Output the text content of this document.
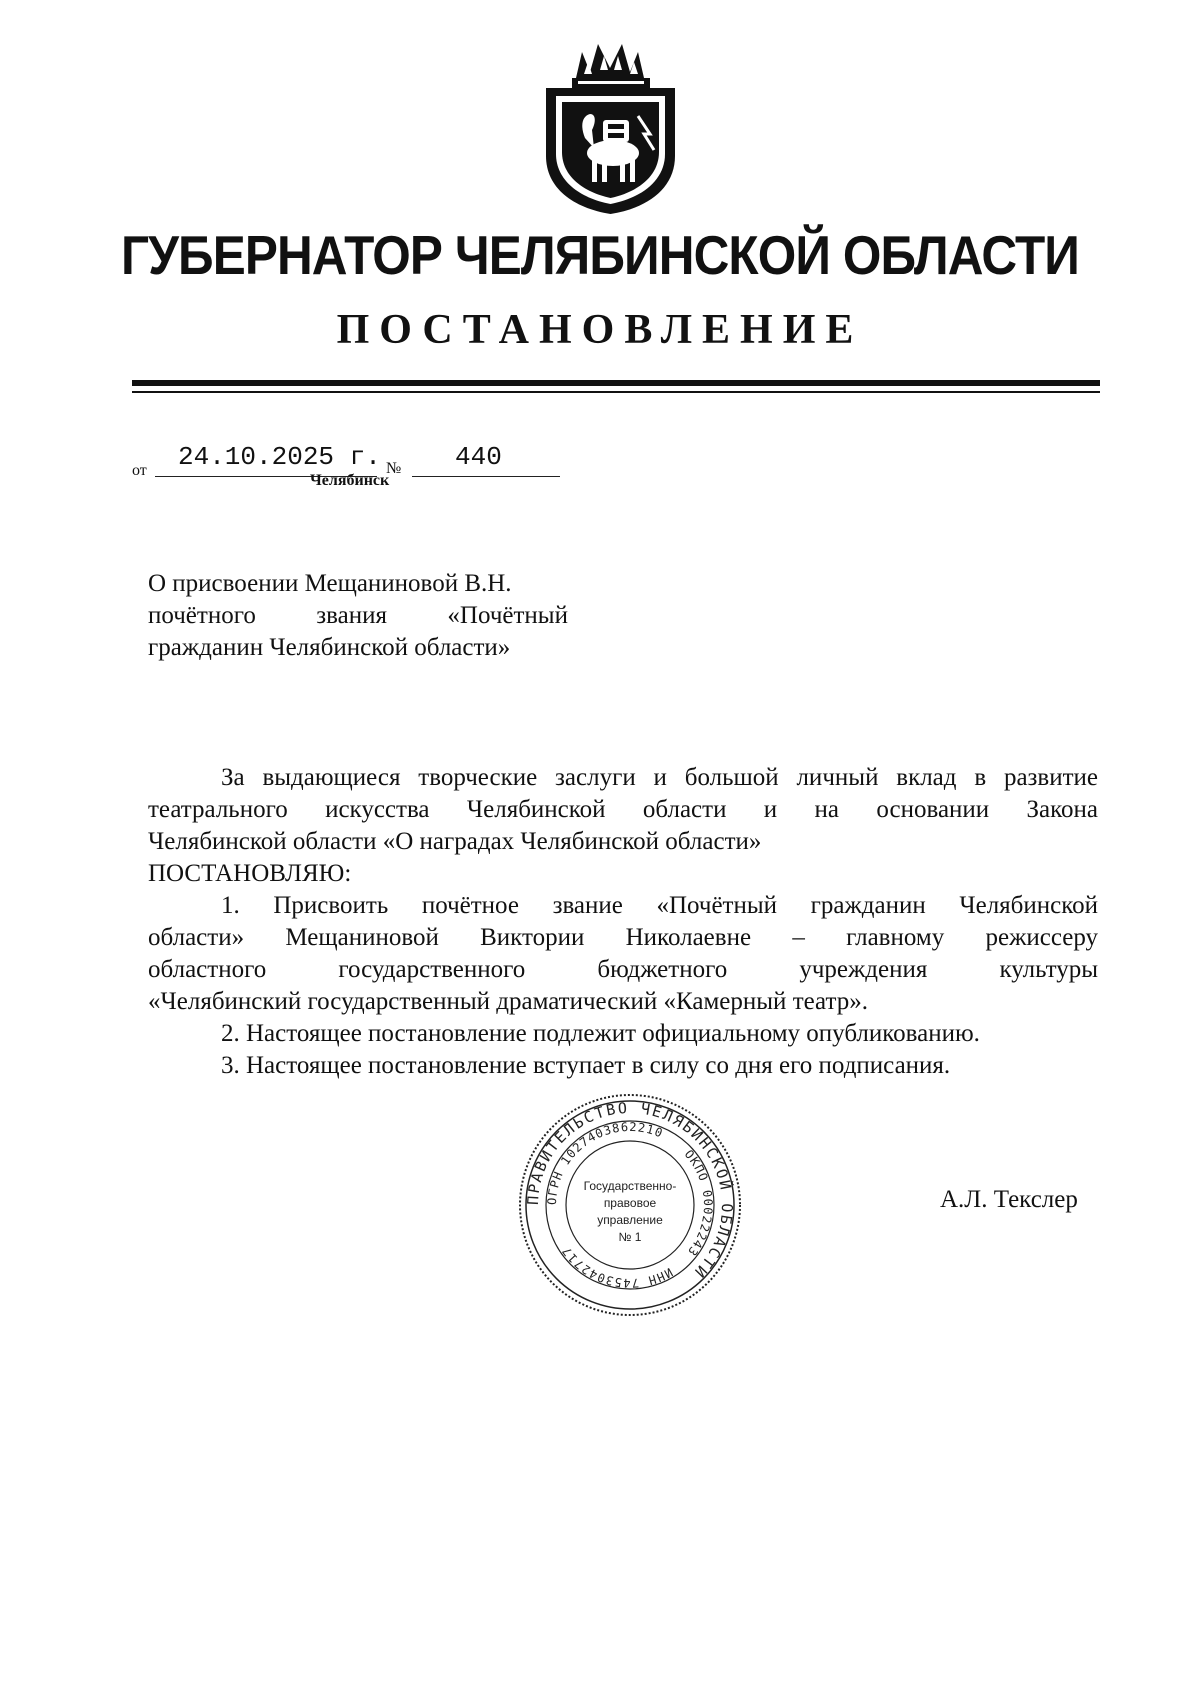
ГУБЕРНАТОР ЧЕЛЯБИНСКОЙ ОБЛАСТИ
ПОСТАНОВЛЕНИЕ
от 24.10.2025 г. № 440
Челябинск
О присвоении Мещаниновой В.Н.
почётного звания «Почётный
гражданин Челябинской области»
За выдающиеся творческие заслуги и большой личный вклад в развитие
театрального искусства Челябинской области и на основании Закона
Челябинской области «О наградах Челябинской области»
ПОСТАНОВЛЯЮ:
1. Присвоить почётное звание «Почётный гражданин Челябинской
области» Мещаниновой Виктории Николаевне – главному режиссеру
областного государственного бюджетного учреждения культуры
«Челябинский государственный драматический «Камерный театр».
2. Настоящее постановление подлежит официальному опубликованию.
3. Настоящее постановление вступает в силу со дня его подписания.
ПРАВИТЕЛЬСТВО ЧЕЛЯБИНСКОЙ ОБЛАСТИ
ОГРН 1027403862210
ОКПО 00022243
ИНН 7453042717
Государственно-
правовое
управление
№ 1
А.Л. Текслер
